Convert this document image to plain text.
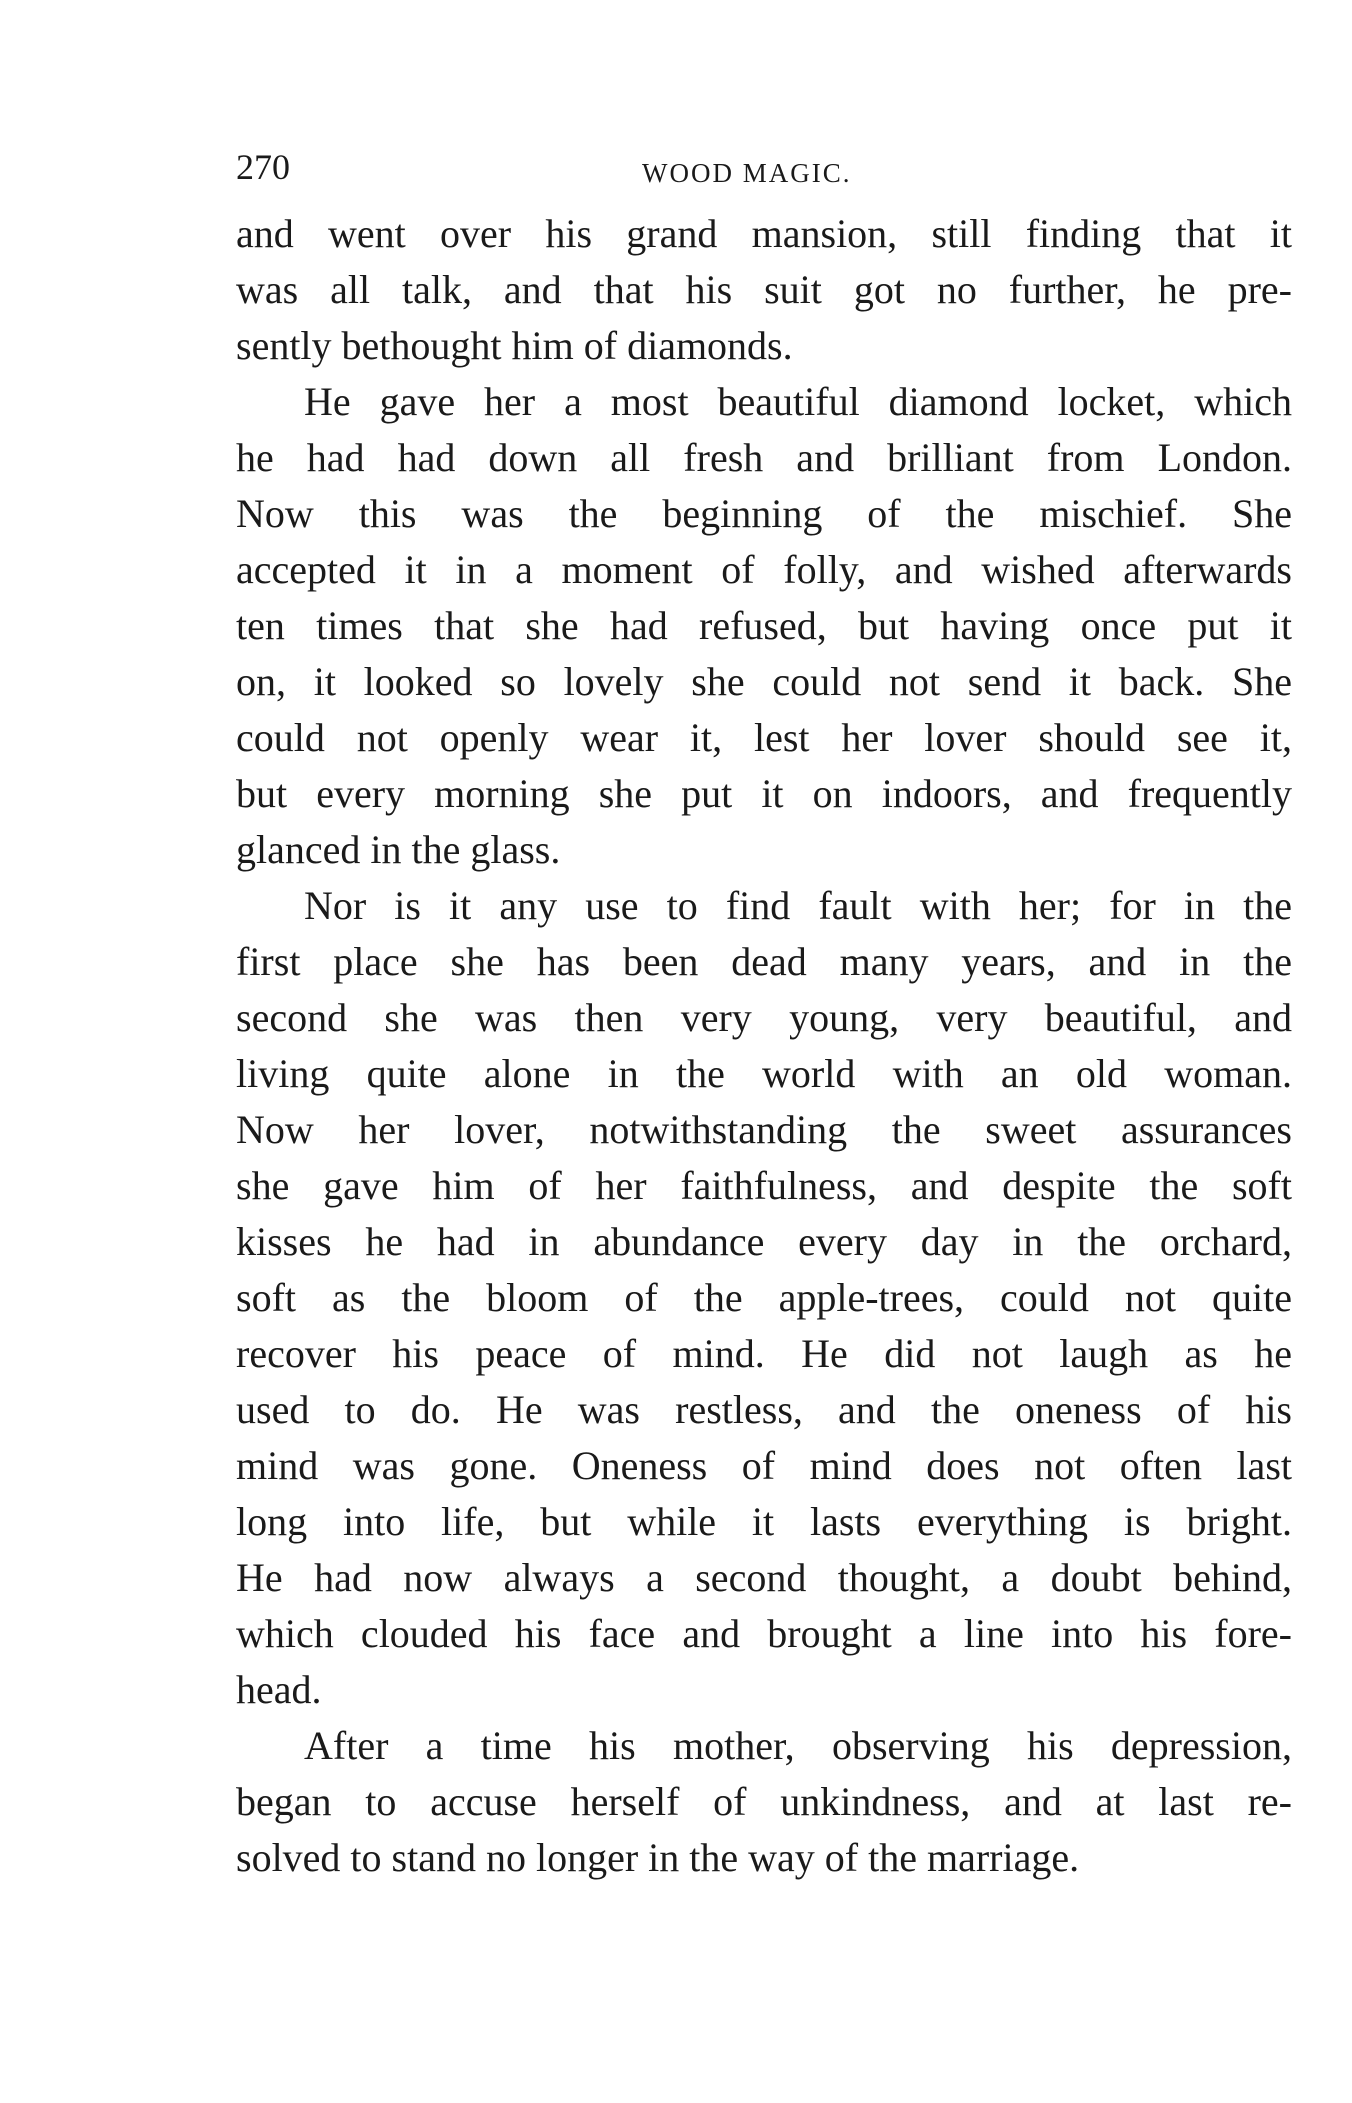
270	WOOD MAGIC.
and went over his grand mansion, still finding that it
was all talk, and that his suit got no further, he pre-
sently bethought him of diamonds.
He gave her a most beautiful diamond locket, which
he had had down all fresh and brilliant from London.
Now this was the beginning of the mischief. She
accepted it in a moment of folly, and wished afterwards
ten times that she had refused, but having once put it
on, it looked so lovely she could not send it back. She
could not openly wear it, lest her lover should see it,
but every morning she put it on indoors, and frequently
glanced in the glass.
Nor is it any use to find fault with her; for in the
first place she has been dead many years, and in the
second she was then very young, very beautiful, and
living quite alone in the world with an old woman.
Now her lover, notwithstanding the sweet assurances
she gave him of her faithfulness, and despite the soft
kisses he had in abundance every day in the orchard,
soft as the bloom of the apple-trees, could not quite
recover his peace of mind. He did not laugh as he
used to do. He was restless, and the oneness of his
mind was gone. Oneness of mind does not often last
long into life, but while it lasts everything is bright.
He had now always a second thought, a doubt behind,
which clouded his face and brought a line into his fore-
head.
After a time his mother, observing his depression,
began to accuse herself of unkindness, and at last re-
solved to stand no longer in the way of the marriage.
